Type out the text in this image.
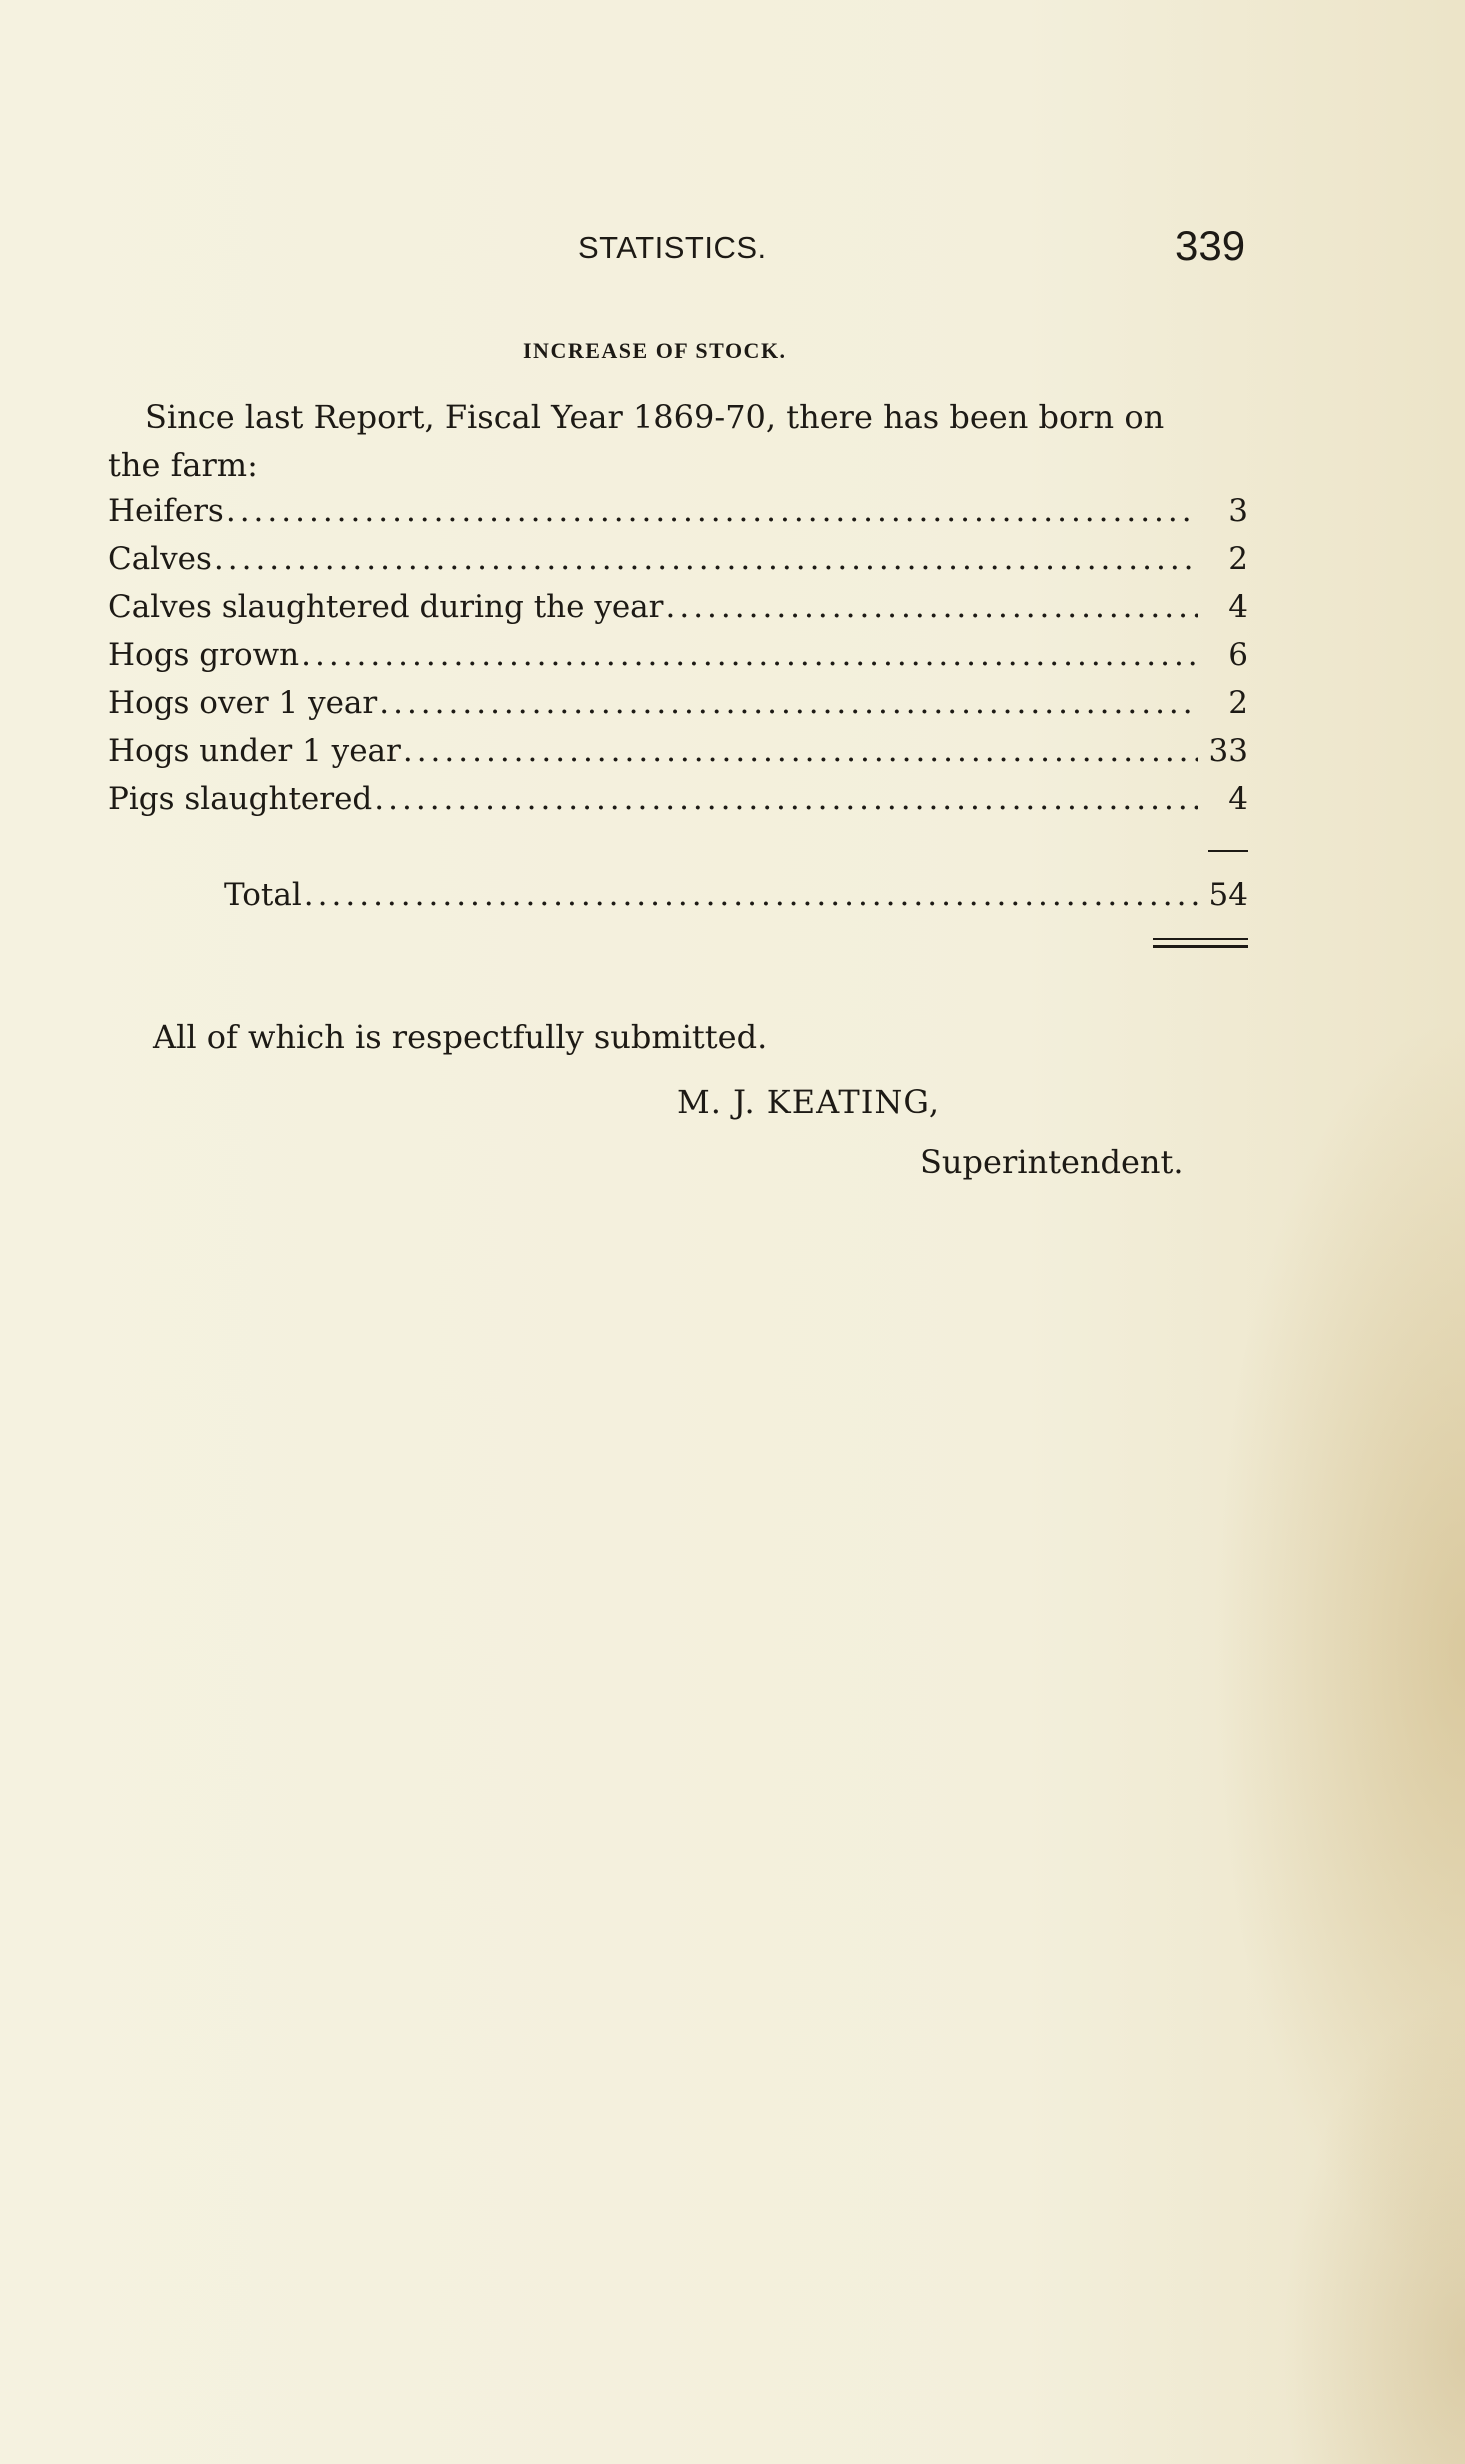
STATISTICS.	339
INCREASE OF STOCK.
Since last Report, Fiscal Year 1869-70, there has been born on
the farm:
Heifers .....	3
Calves .....	2
Calves slaughtered during the year .....	4
Hogs grown .....	6
Hogs over 1 year .....	2
Hogs under 1 year .....	33
Pigs slaughtered .....	4
Total .....	54
All of which is respectfully submitted.
M. J. KEATING,
Superintendent.
